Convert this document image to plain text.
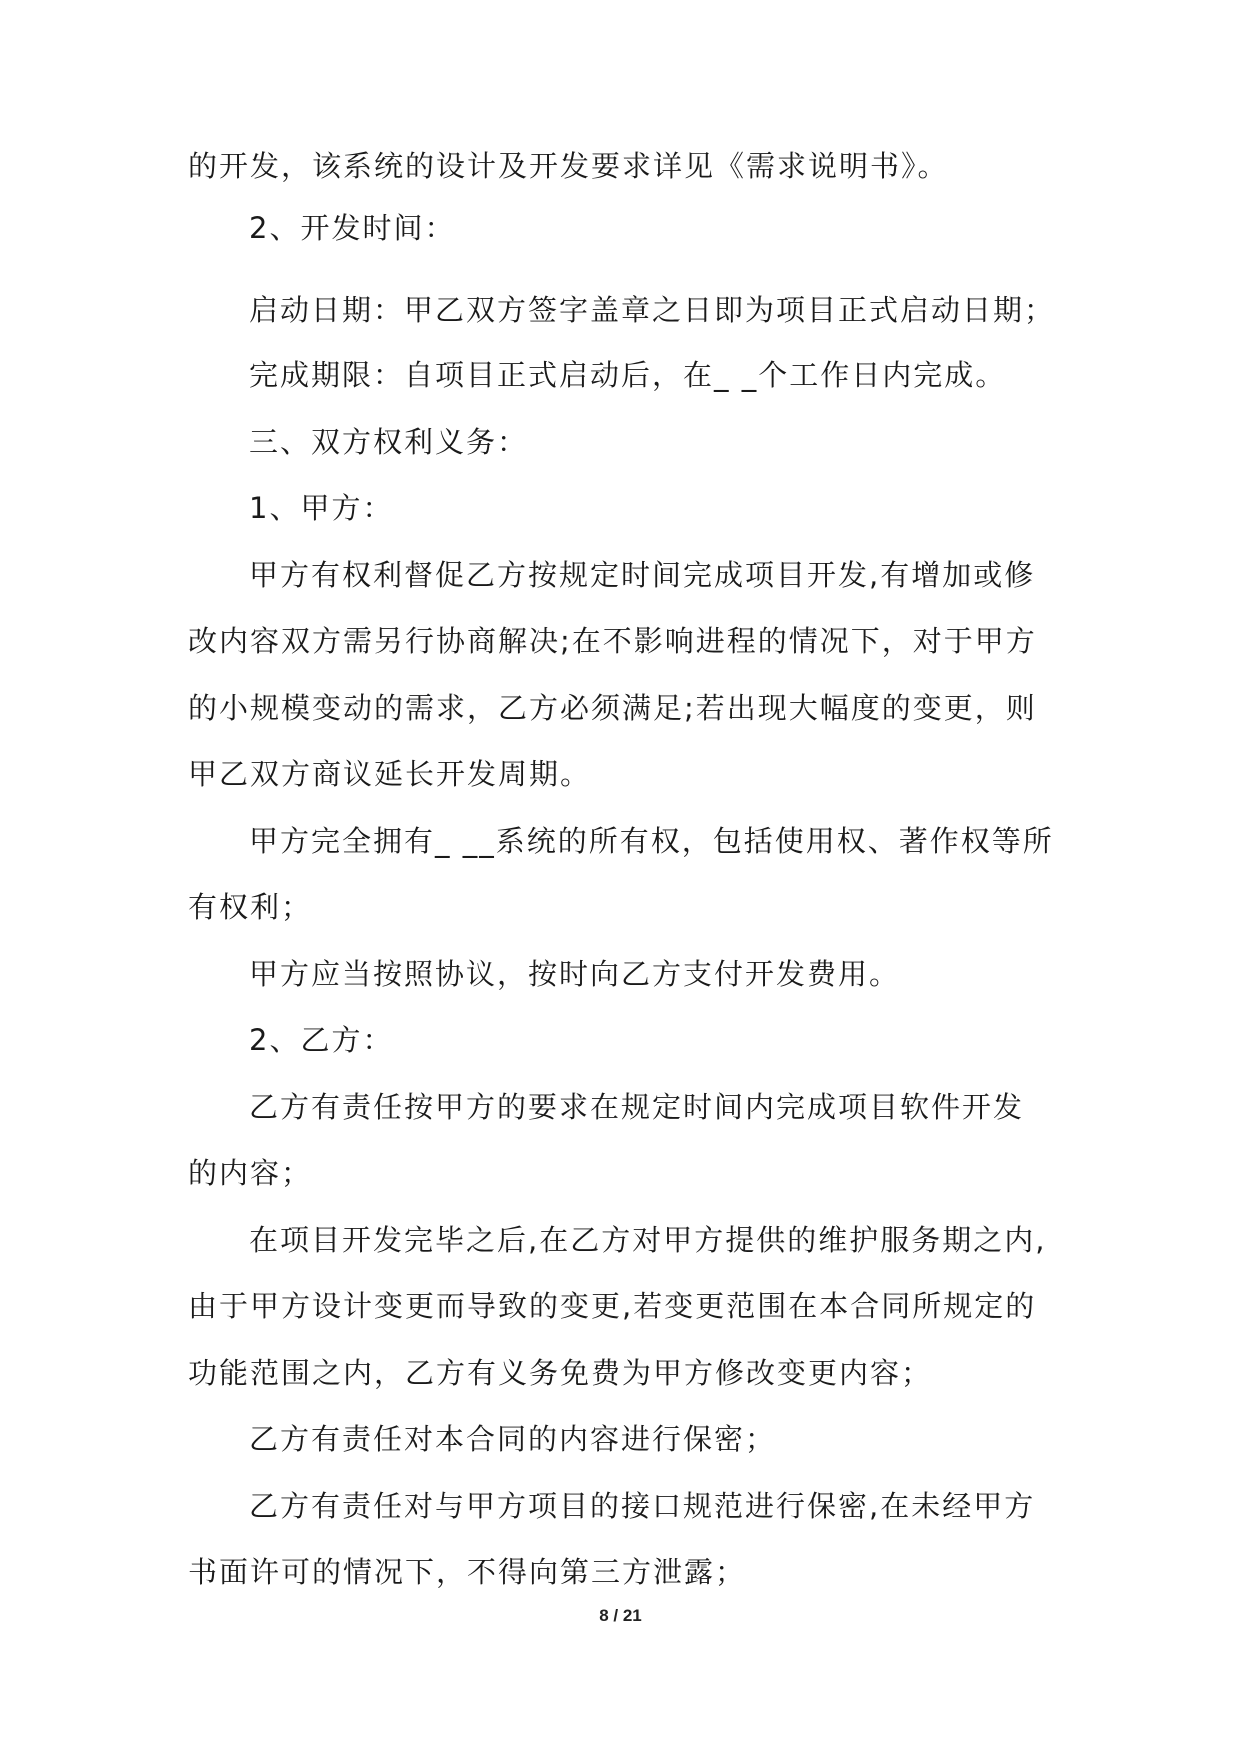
的开发，该系统的设计及开发要求详见《需求说明书》。
2、开发时间：
启动日期：甲乙双方签字盖章之日即为项目正式启动日期；
完成期限：自项目正式启动后，在_ _个工作日内完成。
三、双方权利义务：
1、甲方：
甲方有权利督促乙方按规定时间完成项目开发,有增加或修
改内容双方需另行协商解决;在不影响进程的情况下，对于甲方
的小规模变动的需求，乙方必须满足;若出现大幅度的变更，则
甲乙双方商议延长开发周期。
甲方完全拥有_ __系统的所有权，包括使用权、著作权等所
有权利；
甲方应当按照协议，按时向乙方支付开发费用。
2、乙方：
乙方有责任按甲方的要求在规定时间内完成项目软件开发
的内容；
在项目开发完毕之后,在乙方对甲方提供的维护服务期之内,
由于甲方设计变更而导致的变更,若变更范围在本合同所规定的
功能范围之内，乙方有义务免费为甲方修改变更内容；
乙方有责任对本合同的内容进行保密；
乙方有责任对与甲方项目的接口规范进行保密,在未经甲方
书面许可的情况下，不得向第三方泄露；
8 / 21
